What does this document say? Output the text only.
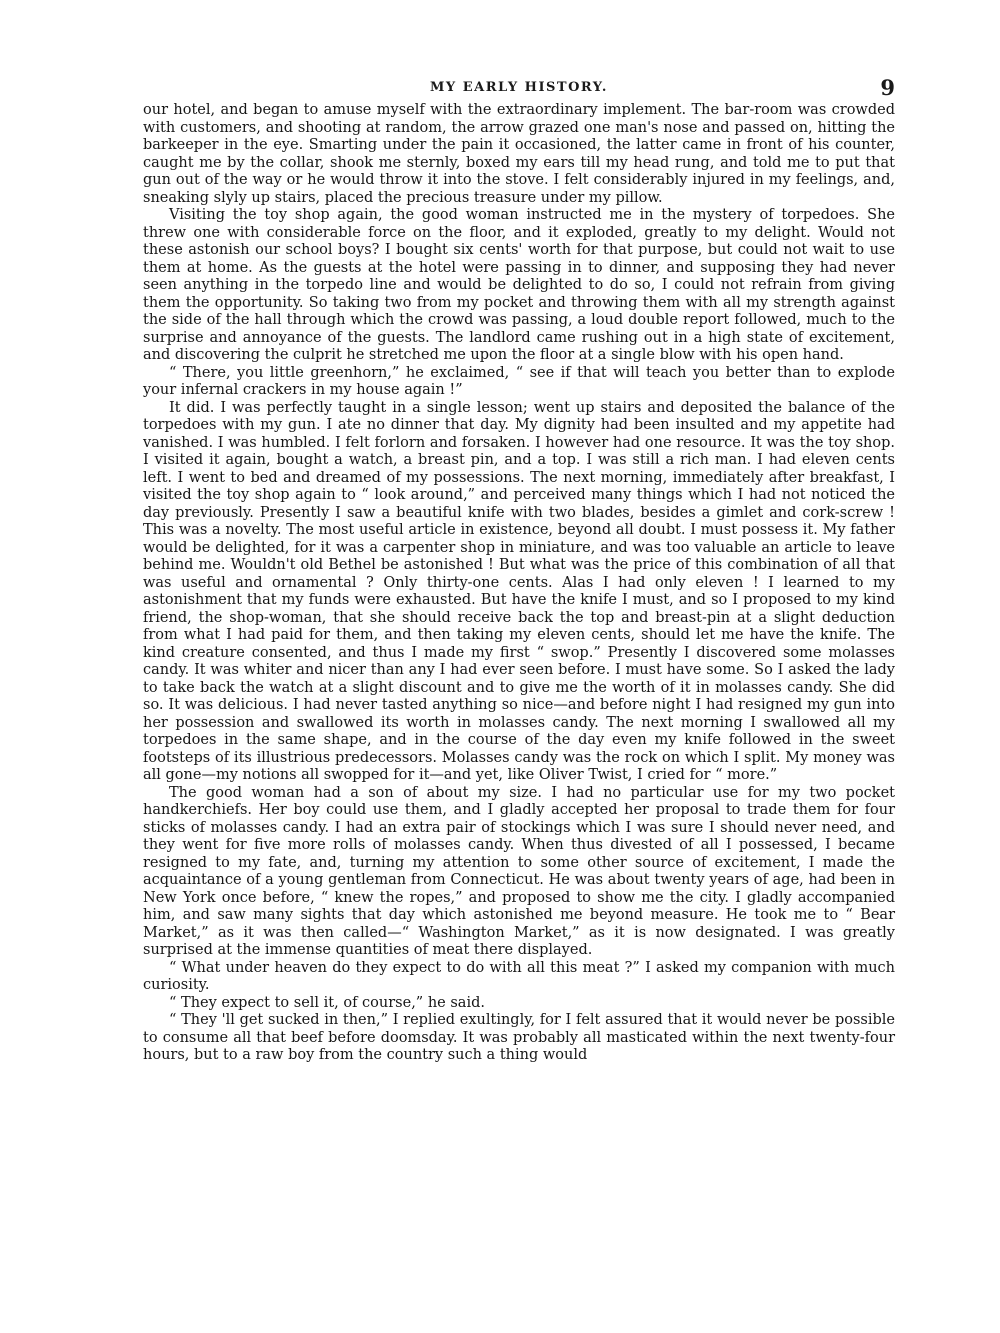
MY EARLY HISTORY.	9

our hotel, and began to amuse myself with the extraordinary implement. The bar-room was crowded with customers, and shooting at random, the arrow grazed one man's nose and passed on, hitting the barkeeper in the eye. Smarting under the pain it occasioned, the latter came in front of his counter, caught me by the collar, shook me sternly, boxed my ears till my head rung, and told me to put that gun out of the way or he would throw it into the stove. I felt considerably injured in my feelings, and, sneaking slyly up stairs, placed the precious treasure under my pillow.

Visiting the toy shop again, the good woman instructed me in the mystery of torpedoes. She threw one with considerable force on the floor, and it exploded, greatly to my delight. Would not these astonish our school boys? I bought six cents' worth for that purpose, but could not wait to use them at home. As the guests at the hotel were passing in to dinner, and supposing they had never seen anything in the torpedo line and would be delighted to do so, I could not refrain from giving them the opportunity. So taking two from my pocket and throwing them with all my strength against the side of the hall through which the crowd was passing, a loud double report followed, much to the surprise and annoyance of the guests. The landlord came rushing out in a high state of excitement, and discovering the culprit he stretched me upon the floor at a single blow with his open hand.

“ There, you little greenhorn,” he exclaimed, “ see if that will teach you better than to explode your infernal crackers in my house again !”

It did. I was perfectly taught in a single lesson; went up stairs and deposited the balance of the torpedoes with my gun. I ate no dinner that day. My dignity had been insulted and my appetite had vanished. I was humbled. I felt forlorn and forsaken. I however had one resource. It was the toy shop. I visited it again, bought a watch, a breast pin, and a top. I was still a rich man. I had eleven cents left. I went to bed and dreamed of my possessions. The next morning, immediately after breakfast, I visited the toy shop again to “ look around,” and perceived many things which I had not noticed the day previously. Presently I saw a beautiful knife with two blades, besides a gimlet and cork-screw ! This was a novelty. The most useful article in existence, beyond all doubt. I must possess it. My father would be delighted, for it was a carpenter shop in miniature, and was too valuable an article to leave behind me. Wouldn't old Bethel be astonished ! But what was the price of this combination of all that was useful and ornamental ? Only thirty-one cents. Alas I had only eleven ! I learned to my astonishment that my funds were exhausted. But have the knife I must, and so I proposed to my kind friend, the shop-woman, that she should receive back the top and breast-pin at a slight deduction from what I had paid for them, and then taking my eleven cents, should let me have the knife. The kind creature consented, and thus I made my first “ swop.” Presently I discovered some molasses candy. It was whiter and nicer than any I had ever seen before. I must have some. So I asked the lady to take back the watch at a slight discount and to give me the worth of it in molasses candy. She did so. It was delicious. I had never tasted anything so nice—and before night I had resigned my gun into her possession and swallowed its worth in molasses candy. The next morning I swallowed all my torpedoes in the same shape, and in the course of the day even my knife followed in the sweet footsteps of its illustrious predecessors. Molasses candy was the rock on which I split. My money was all gone—my notions all swopped for it—and yet, like Oliver Twist, I cried for “ more.”

The good woman had a son of about my size. I had no particular use for my two pocket handkerchiefs. Her boy could use them, and I gladly accepted her proposal to trade them for four sticks of molasses candy. I had an extra pair of stockings which I was sure I should never need, and they went for five more rolls of molasses candy. When thus divested of all I possessed, I became resigned to my fate, and, turning my attention to some other source of excitement, I made the acquaintance of a young gentleman from Connecticut. He was about twenty years of age, had been in New York once before, “ knew the ropes,” and proposed to show me the city. I gladly accompanied him, and saw many sights that day which astonished me beyond measure. He took me to “ Bear Market,” as it was then called—“ Washington Market,” as it is now designated. I was greatly surprised at the immense quantities of meat there displayed.

“ What under heaven do they expect to do with all this meat ?” I asked my companion with much curiosity.

“ They expect to sell it, of course,” he said.

“ They 'll get sucked in then,” I replied exultingly, for I felt assured that it would never be possible to consume all that beef before doomsday. It was probably all masticated within the next twenty-four hours, but to a raw boy from the country such a thing would
